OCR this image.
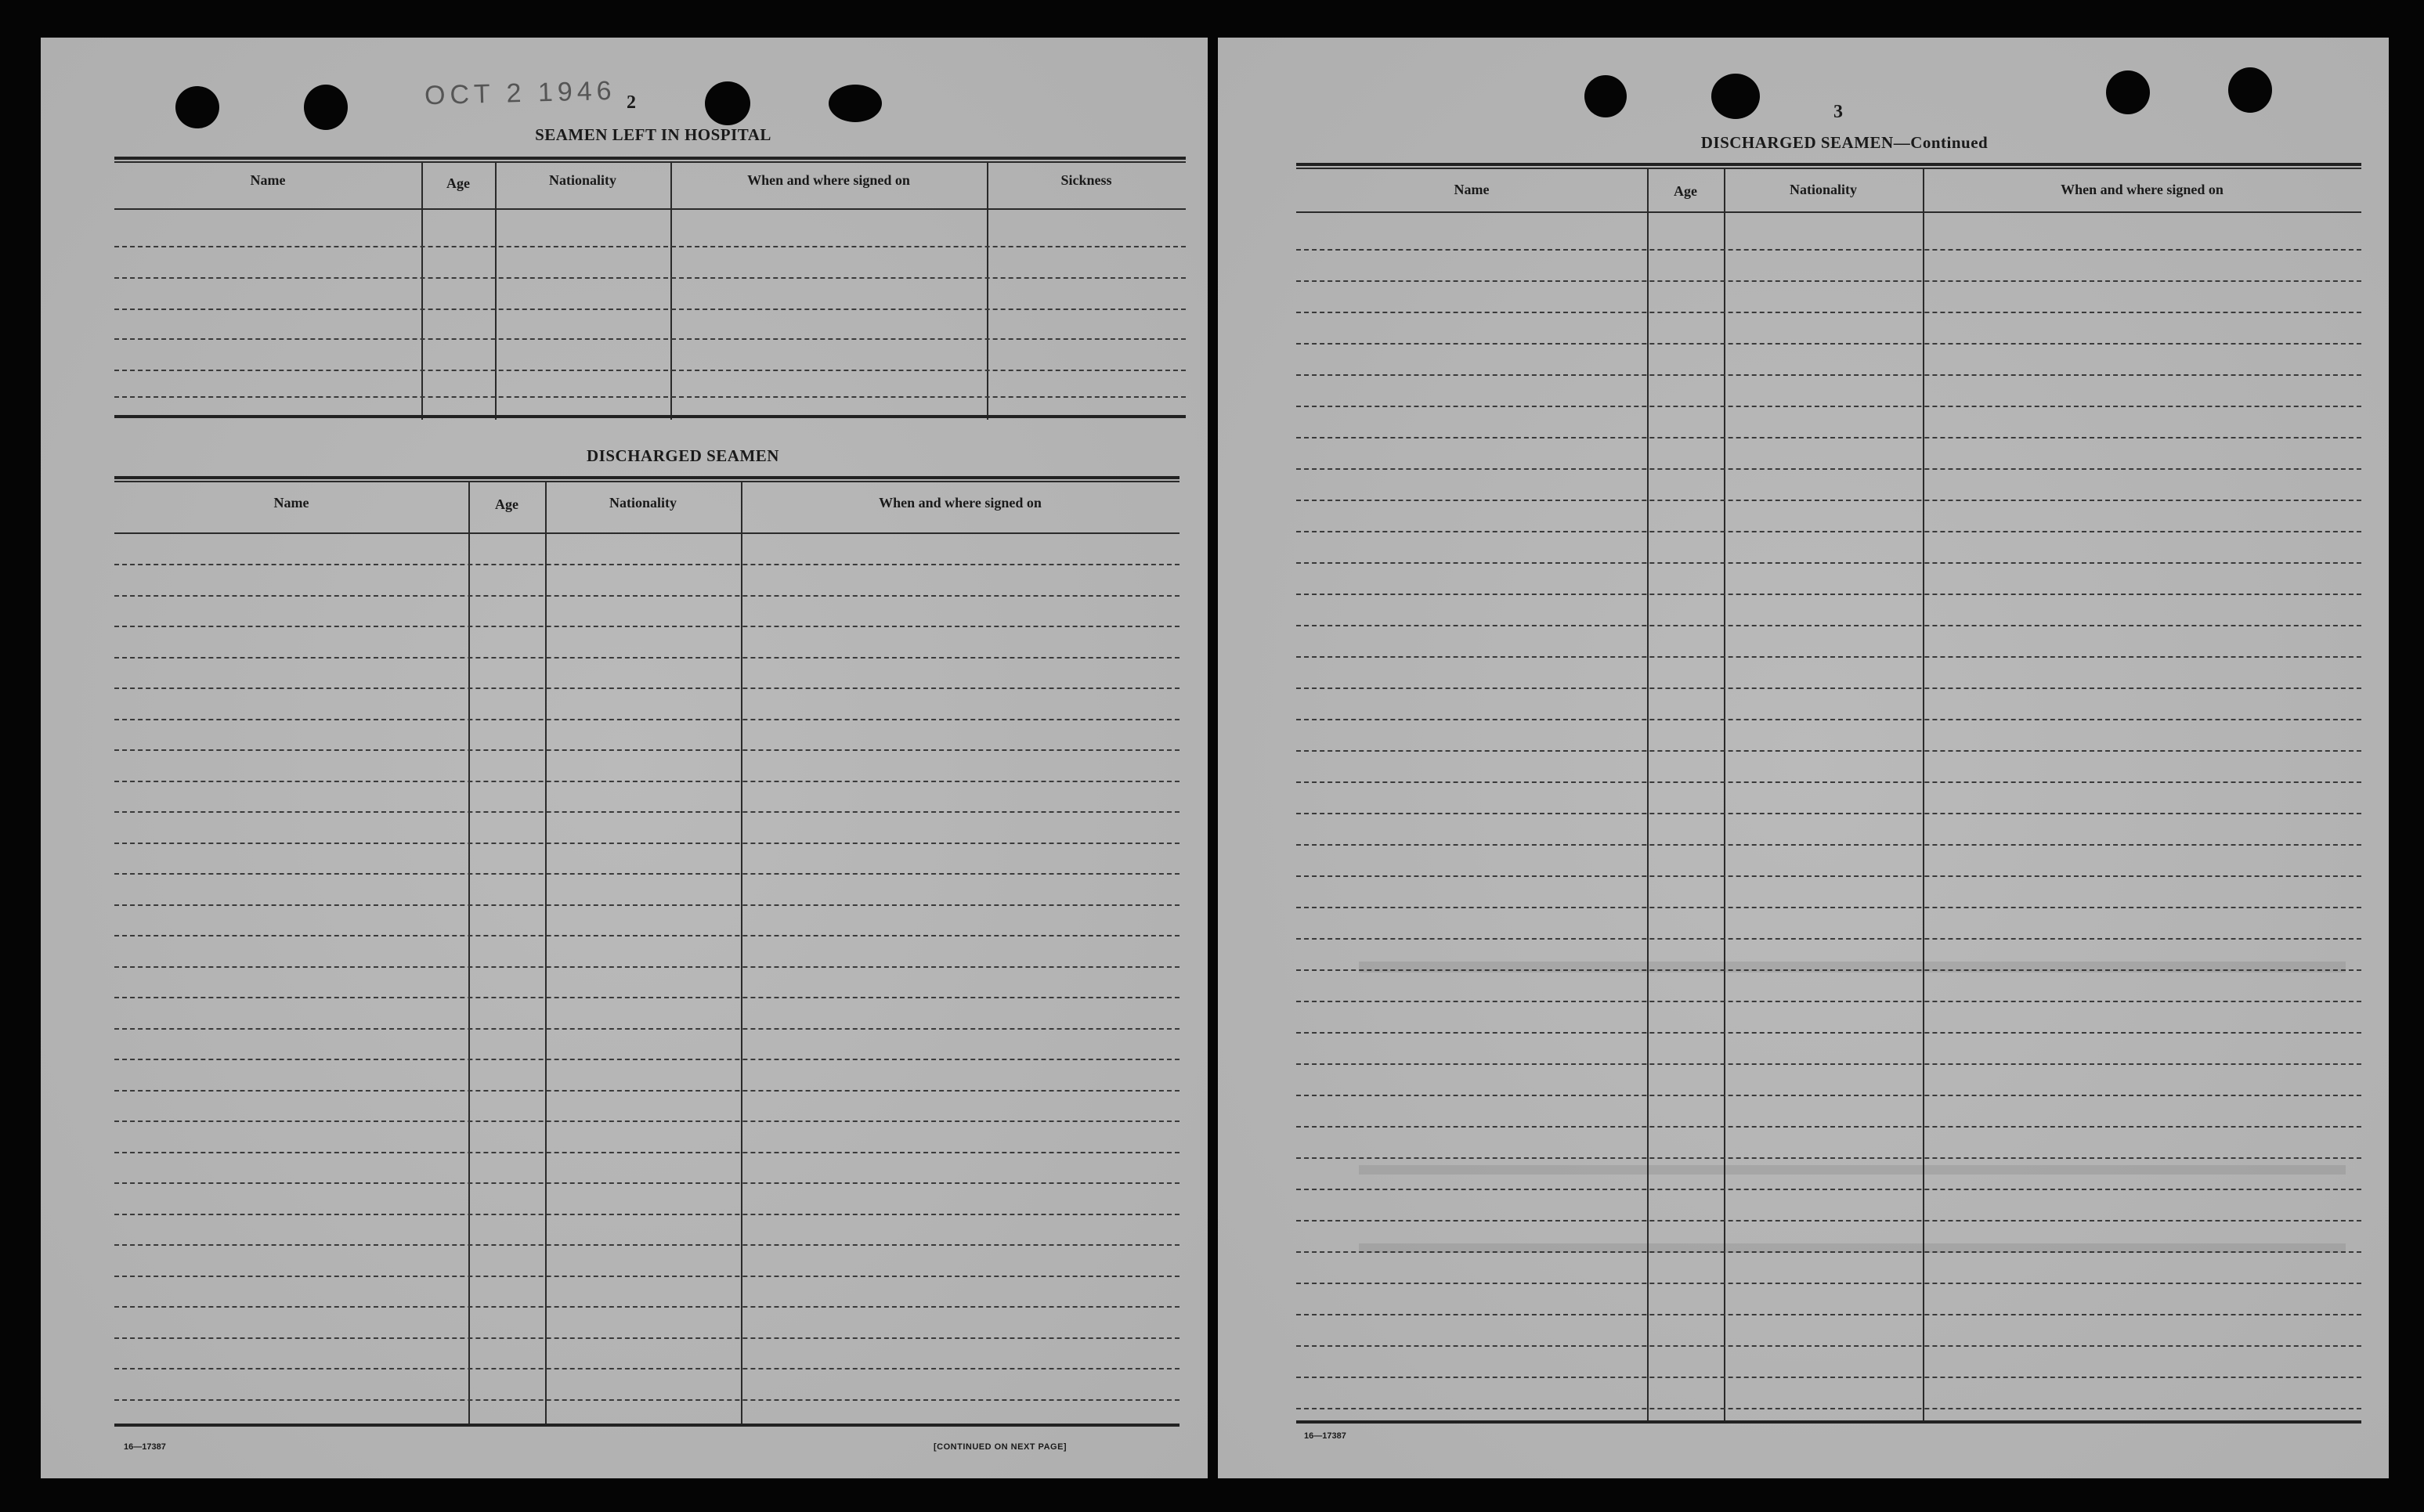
OCT 2 1946 2
SEAMEN LEFT IN HOSPITAL
Name	Age	Nationality	When and where signed on	Sickness
DISCHARGED SEAMEN
Name	Age	Nationality	When and where signed on
16—17387	[CONTINUED ON NEXT PAGE]
3
DISCHARGED SEAMEN—Continued
Name	Age	Nationality	When and where signed on
16—17387
